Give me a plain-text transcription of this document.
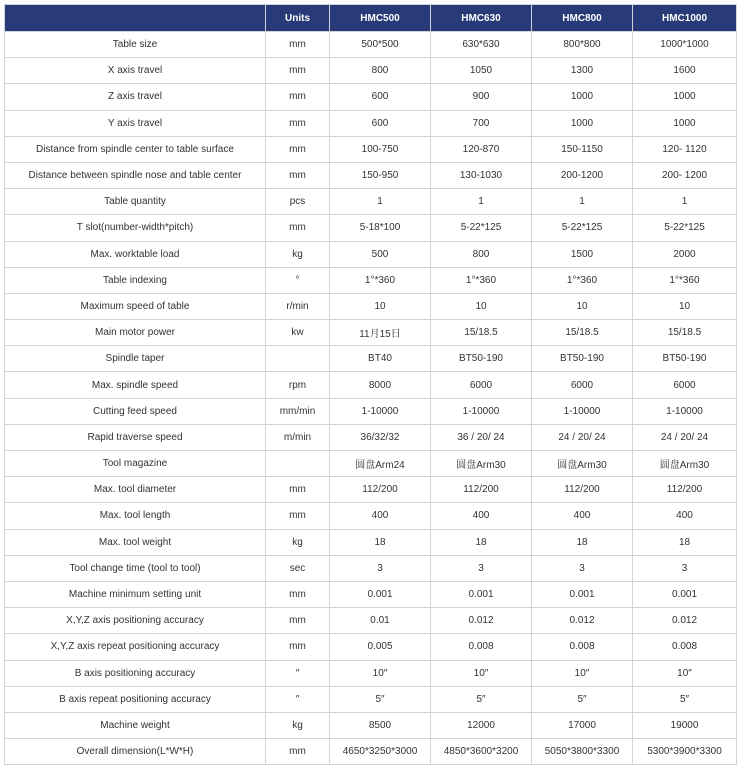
	Units	HMC500	HMC630	HMC800	HMC1000
Table size	mm	500*500	630*630	800*800	1000*1000
X axis travel	mm	800	1050	1300	1600
Z axis travel	mm	600	900	1000	1000
Y axis travel	mm	600	700	1000	1000
Distance from spindle center to table surface	mm	100-750	120-870	150-1150	120- 1120
Distance between spindle nose and table center	mm	150-950	130-1030	200-1200	200- 1200
Table quantity	pcs	1	1	1	1
T slot(number-width*pitch)	mm	5-18*100	5-22*125	5-22*125	5-22*125
Max. worktable load	kg	500	800	1500	2000
Table indexing	°	1°*360	1°*360	1°*360	1°*360
Maximum speed of table	r/min	10	10	10	10
Main motor power	kw	11月15日	15/18.5	15/18.5	15/18.5
Spindle taper		BT40	BT50-190	BT50-190	BT50-190
Max. spindle speed	rpm	8000	6000	6000	6000
Cutting feed speed	mm/min	1-10000	1-10000	1-10000	1-10000
Rapid traverse speed	m/min	36/32/32	36 / 20/ 24	24 / 20/ 24	24 / 20/ 24
Tool magazine		圆盘Arm24	圆盘Arm30	圆盘Arm30	圆盘Arm30
Max. tool diameter	mm	112/200	112/200	112/200	112/200
Max. tool length	mm	400	400	400	400
Max. tool weight	kg	18	18	18	18
Tool change time (tool to tool)	sec	3	3	3	3
Machine minimum setting unit	mm	0.001	0.001	0.001	0.001
X,Y,Z axis positioning accuracy	mm	0.01	0.012	0.012	0.012
X,Y,Z axis repeat positioning accuracy	mm	0.005	0.008	0.008	0.008
B axis positioning accuracy	″	10″	10″	10″	10″
B axis repeat positioning accuracy	″	5″	5″	5″	5″
Machine weight	kg	8500	12000	17000	19000
Overall dimension(L*W*H)	mm	4650*3250*3000	4850*3600*3200	5050*3800*3300	5300*3900*3300
